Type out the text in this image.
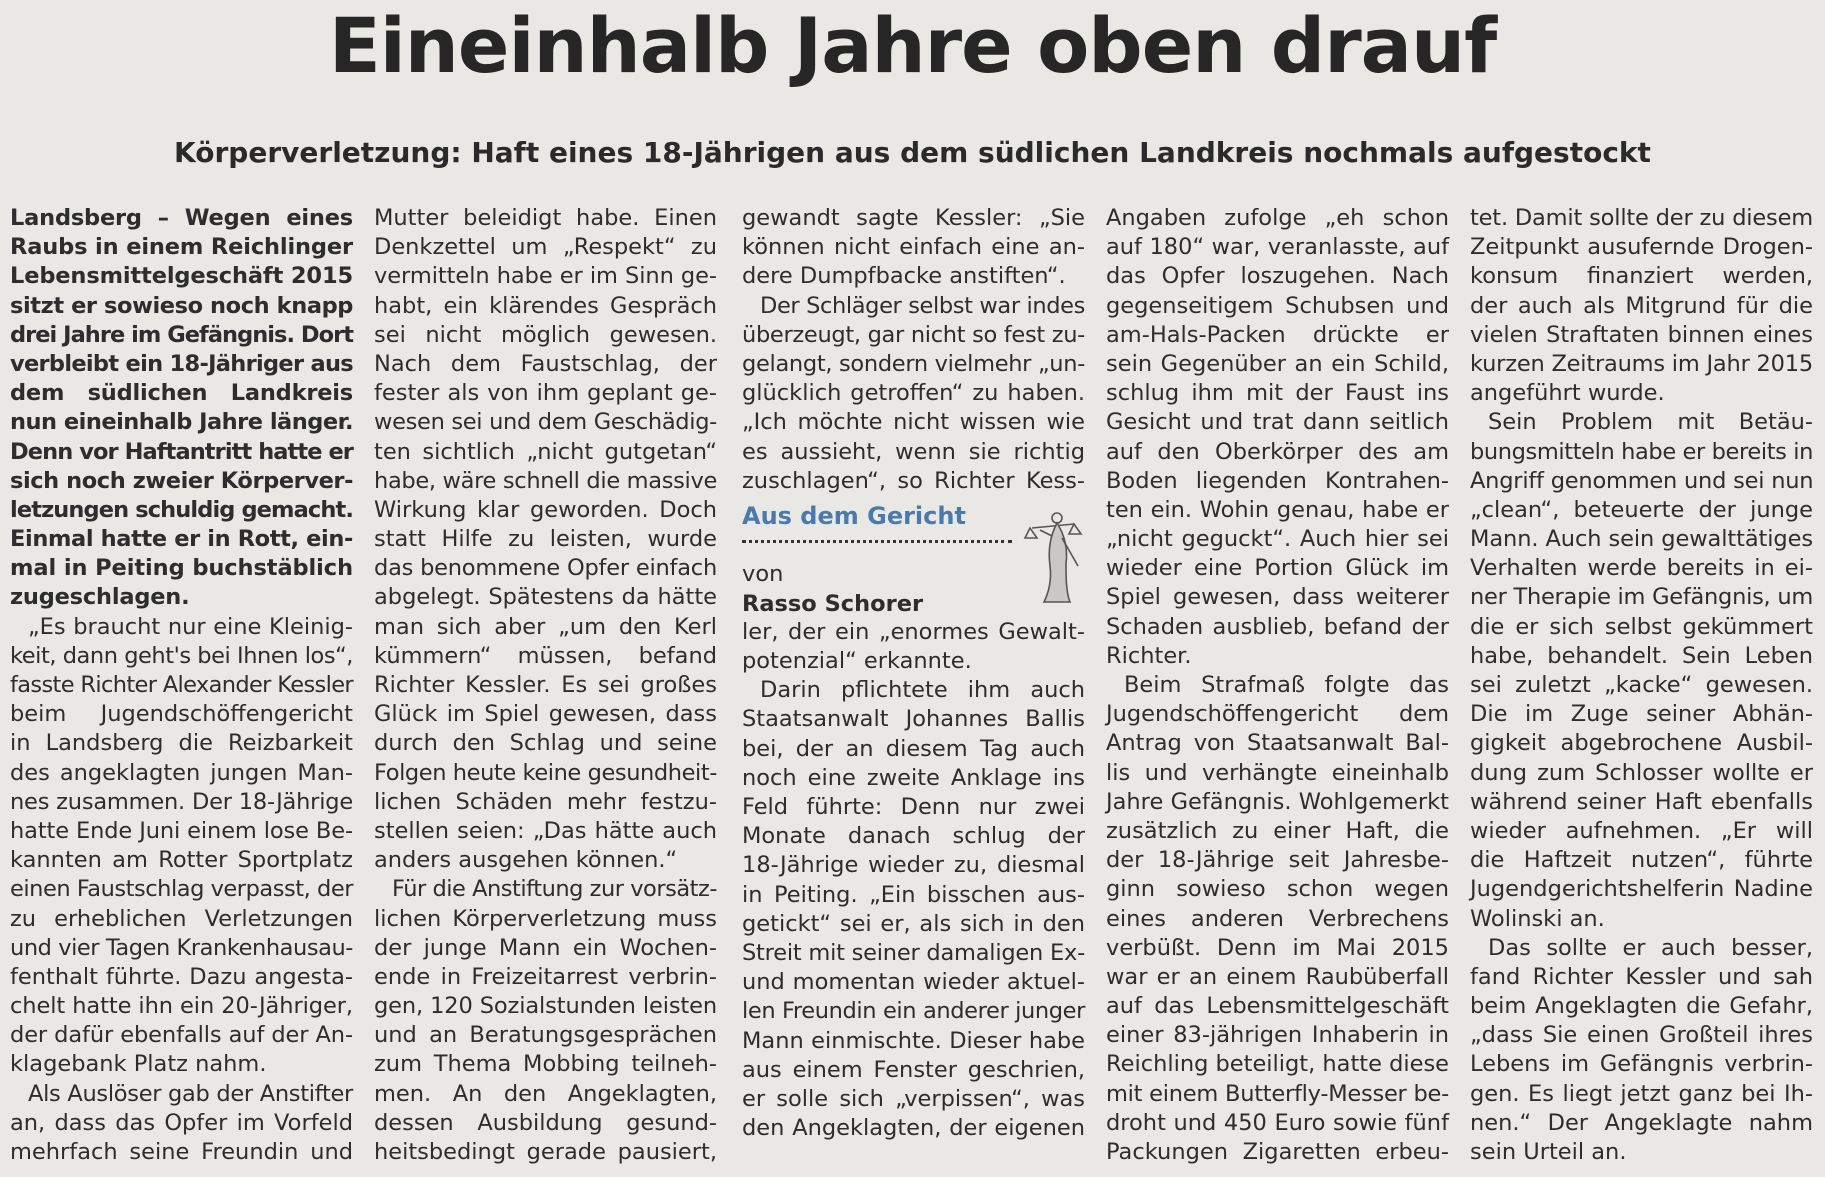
Eineinhalb Jahre oben drauf
Körperverletzung: Haft eines 18-Jährigen aus dem südlichen Landkreis nochmals aufgestockt
Landsberg – Wegen eines
Raubs in einem Reichlinger
Lebensmittelgeschäft 2015
sitzt er sowieso noch knapp
drei Jahre im Gefängnis. Dort
verbleibt ein 18-Jähriger aus
dem südlichen Landkreis
nun eineinhalb Jahre länger.
Denn vor Haftantritt hatte er
sich noch zweier Körperver-
letzungen schuldig gemacht.
Einmal hatte er in Rott, ein-
mal in Peiting buchstäblich
zugeschlagen.
„Es braucht nur eine Kleinig-
keit, dann geht's bei Ihnen los“,
fasste Richter Alexander Kessler
beim Jugendschöffengericht
in Landsberg die Reizbarkeit
des angeklagten jungen Man-
nes zusammen. Der 18-Jährige
hatte Ende Juni einem lose Be-
kannten am Rotter Sportplatz
einen Faustschlag verpasst, der
zu erheblichen Verletzungen
und vier Tagen Krankenhausau-
fenthalt führte. Dazu angesta-
chelt hatte ihn ein 20-Jähriger,
der dafür ebenfalls auf der An-
klagebank Platz nahm.
Als Auslöser gab der Anstifter
an, dass das Opfer im Vorfeld
mehrfach seine Freundin und
Mutter beleidigt habe. Einen
Denkzettel um „Respekt“ zu
vermitteln habe er im Sinn ge-
habt, ein klärendes Gespräch
sei nicht möglich gewesen.
Nach dem Faustschlag, der
fester als von ihm geplant ge-
wesen sei und dem Geschädig-
ten sichtlich „nicht gutgetan“
habe, wäre schnell die massive
Wirkung klar geworden. Doch
statt Hilfe zu leisten, wurde
das benommene Opfer einfach
abgelegt. Spätestens da hätte
man sich aber „um den Kerl
kümmern“ müssen, befand
Richter Kessler. Es sei großes
Glück im Spiel gewesen, dass
durch den Schlag und seine
Folgen heute keine gesundheit-
lichen Schäden mehr festzu-
stellen seien: „Das hätte auch
anders ausgehen können.“
Für die Anstiftung zur vorsätz-
lichen Körperverletzung muss
der junge Mann ein Wochen-
ende in Freizeitarrest verbrin-
gen, 120 Sozialstunden leisten
und an Beratungsgesprächen
zum Thema Mobbing teilneh-
men. An den Angeklagten,
dessen Ausbildung gesund-
heitsbedingt gerade pausiert,
gewandt sagte Kessler: „Sie
können nicht einfach eine an-
dere Dumpfbacke anstiften“.
Der Schläger selbst war indes
überzeugt, gar nicht so fest zu-
gelangt, sondern vielmehr „un-
glücklich getroffen“ zu haben.
„Ich möchte nicht wissen wie
es aussieht, wenn sie richtig
zuschlagen“, so Richter Kess-
Aus dem Gericht
von
Rasso Schorer
ler, der ein „enormes Gewalt-
potenzial“ erkannte.
Darin pflichtete ihm auch
Staatsanwalt Johannes Ballis
bei, der an diesem Tag auch
noch eine zweite Anklage ins
Feld führte: Denn nur zwei
Monate danach schlug der
18-Jährige wieder zu, diesmal
in Peiting. „Ein bisschen aus-
getickt“ sei er, als sich in den
Streit mit seiner damaligen Ex-
und momentan wieder aktuel-
len Freundin ein anderer junger
Mann einmischte. Dieser habe
aus einem Fenster geschrien,
er solle sich „verpissen“, was
den Angeklagten, der eigenen
Angaben zufolge „eh schon
auf 180“ war, veranlasste, auf
das Opfer loszugehen. Nach
gegenseitigem Schubsen und
am-Hals-Packen drückte er
sein Gegenüber an ein Schild,
schlug ihm mit der Faust ins
Gesicht und trat dann seitlich
auf den Oberkörper des am
Boden liegenden Kontrahen-
ten ein. Wohin genau, habe er
„nicht geguckt“. Auch hier sei
wieder eine Portion Glück im
Spiel gewesen, dass weiterer
Schaden ausblieb, befand der
Richter.
Beim Strafmaß folgte das
Jugendschöffengericht dem
Antrag von Staatsanwalt Bal-
lis und verhängte eineinhalb
Jahre Gefängnis. Wohlgemerkt
zusätzlich zu einer Haft, die
der 18-Jährige seit Jahresbe-
ginn sowieso schon wegen
eines anderen Verbrechens
verbüßt. Denn im Mai 2015
war er an einem Raubüberfall
auf das Lebensmittelgeschäft
einer 83-jährigen Inhaberin in
Reichling beteiligt, hatte diese
mit einem Butterfly-Messer be-
droht und 450 Euro sowie fünf
Packungen Zigaretten erbeu-
tet. Damit sollte der zu diesem
Zeitpunkt ausufernde Drogen-
konsum finanziert werden,
der auch als Mitgrund für die
vielen Straftaten binnen eines
kurzen Zeitraums im Jahr 2015
angeführt wurde.
Sein Problem mit Betäu-
bungsmitteln habe er bereits in
Angriff genommen und sei nun
„clean“, beteuerte der junge
Mann. Auch sein gewalttätiges
Verhalten werde bereits in ei-
ner Therapie im Gefängnis, um
die er sich selbst gekümmert
habe, behandelt. Sein Leben
sei zuletzt „kacke“ gewesen.
Die im Zuge seiner Abhän-
gigkeit abgebrochene Ausbil-
dung zum Schlosser wollte er
während seiner Haft ebenfalls
wieder aufnehmen. „Er will
die Haftzeit nutzen“, führte
Jugendgerichtshelferin Nadine
Wolinski an.
Das sollte er auch besser,
fand Richter Kessler und sah
beim Angeklagten die Gefahr,
„dass Sie einen Großteil ihres
Lebens im Gefängnis verbrin-
gen. Es liegt jetzt ganz bei Ih-
nen.“ Der Angeklagte nahm
sein Urteil an.
